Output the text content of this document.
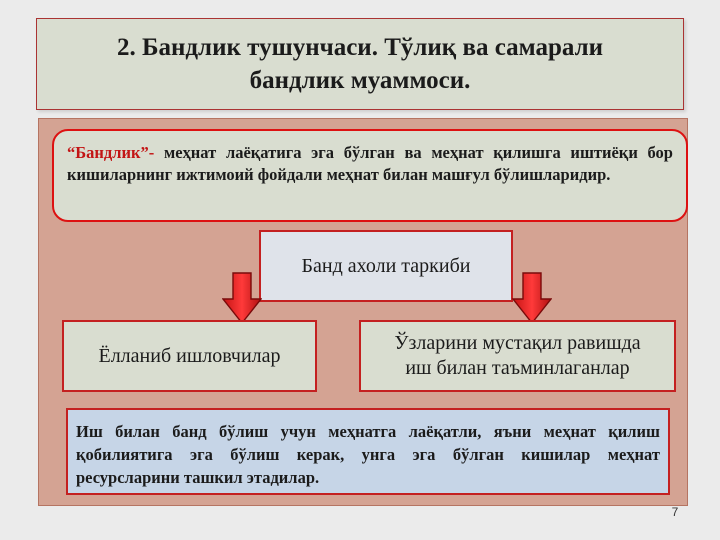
2. Бандлик тушунчаси. Тўлиқ ва самарали
бандлик муаммоси.
“Бандлик”- меҳнат лаёқатига эга бўлган ва меҳнат қилишга иштиёқи бор кишиларнинг ижтимоий фойдали меҳнат билан машғул бўлишларидир.
Банд ахоли таркиби
Ёлланиб ишловчилар
Ўзларини мустақил равишда
иш билан таъминлаганлар
Иш билан банд бўлиш учун меҳнатга лаёқатли, яъни меҳнат қилиш қобилиятига эга бўлиш керак, унга эга бўлган кишилар меҳнат ресурсларини ташкил этадилар.
7
